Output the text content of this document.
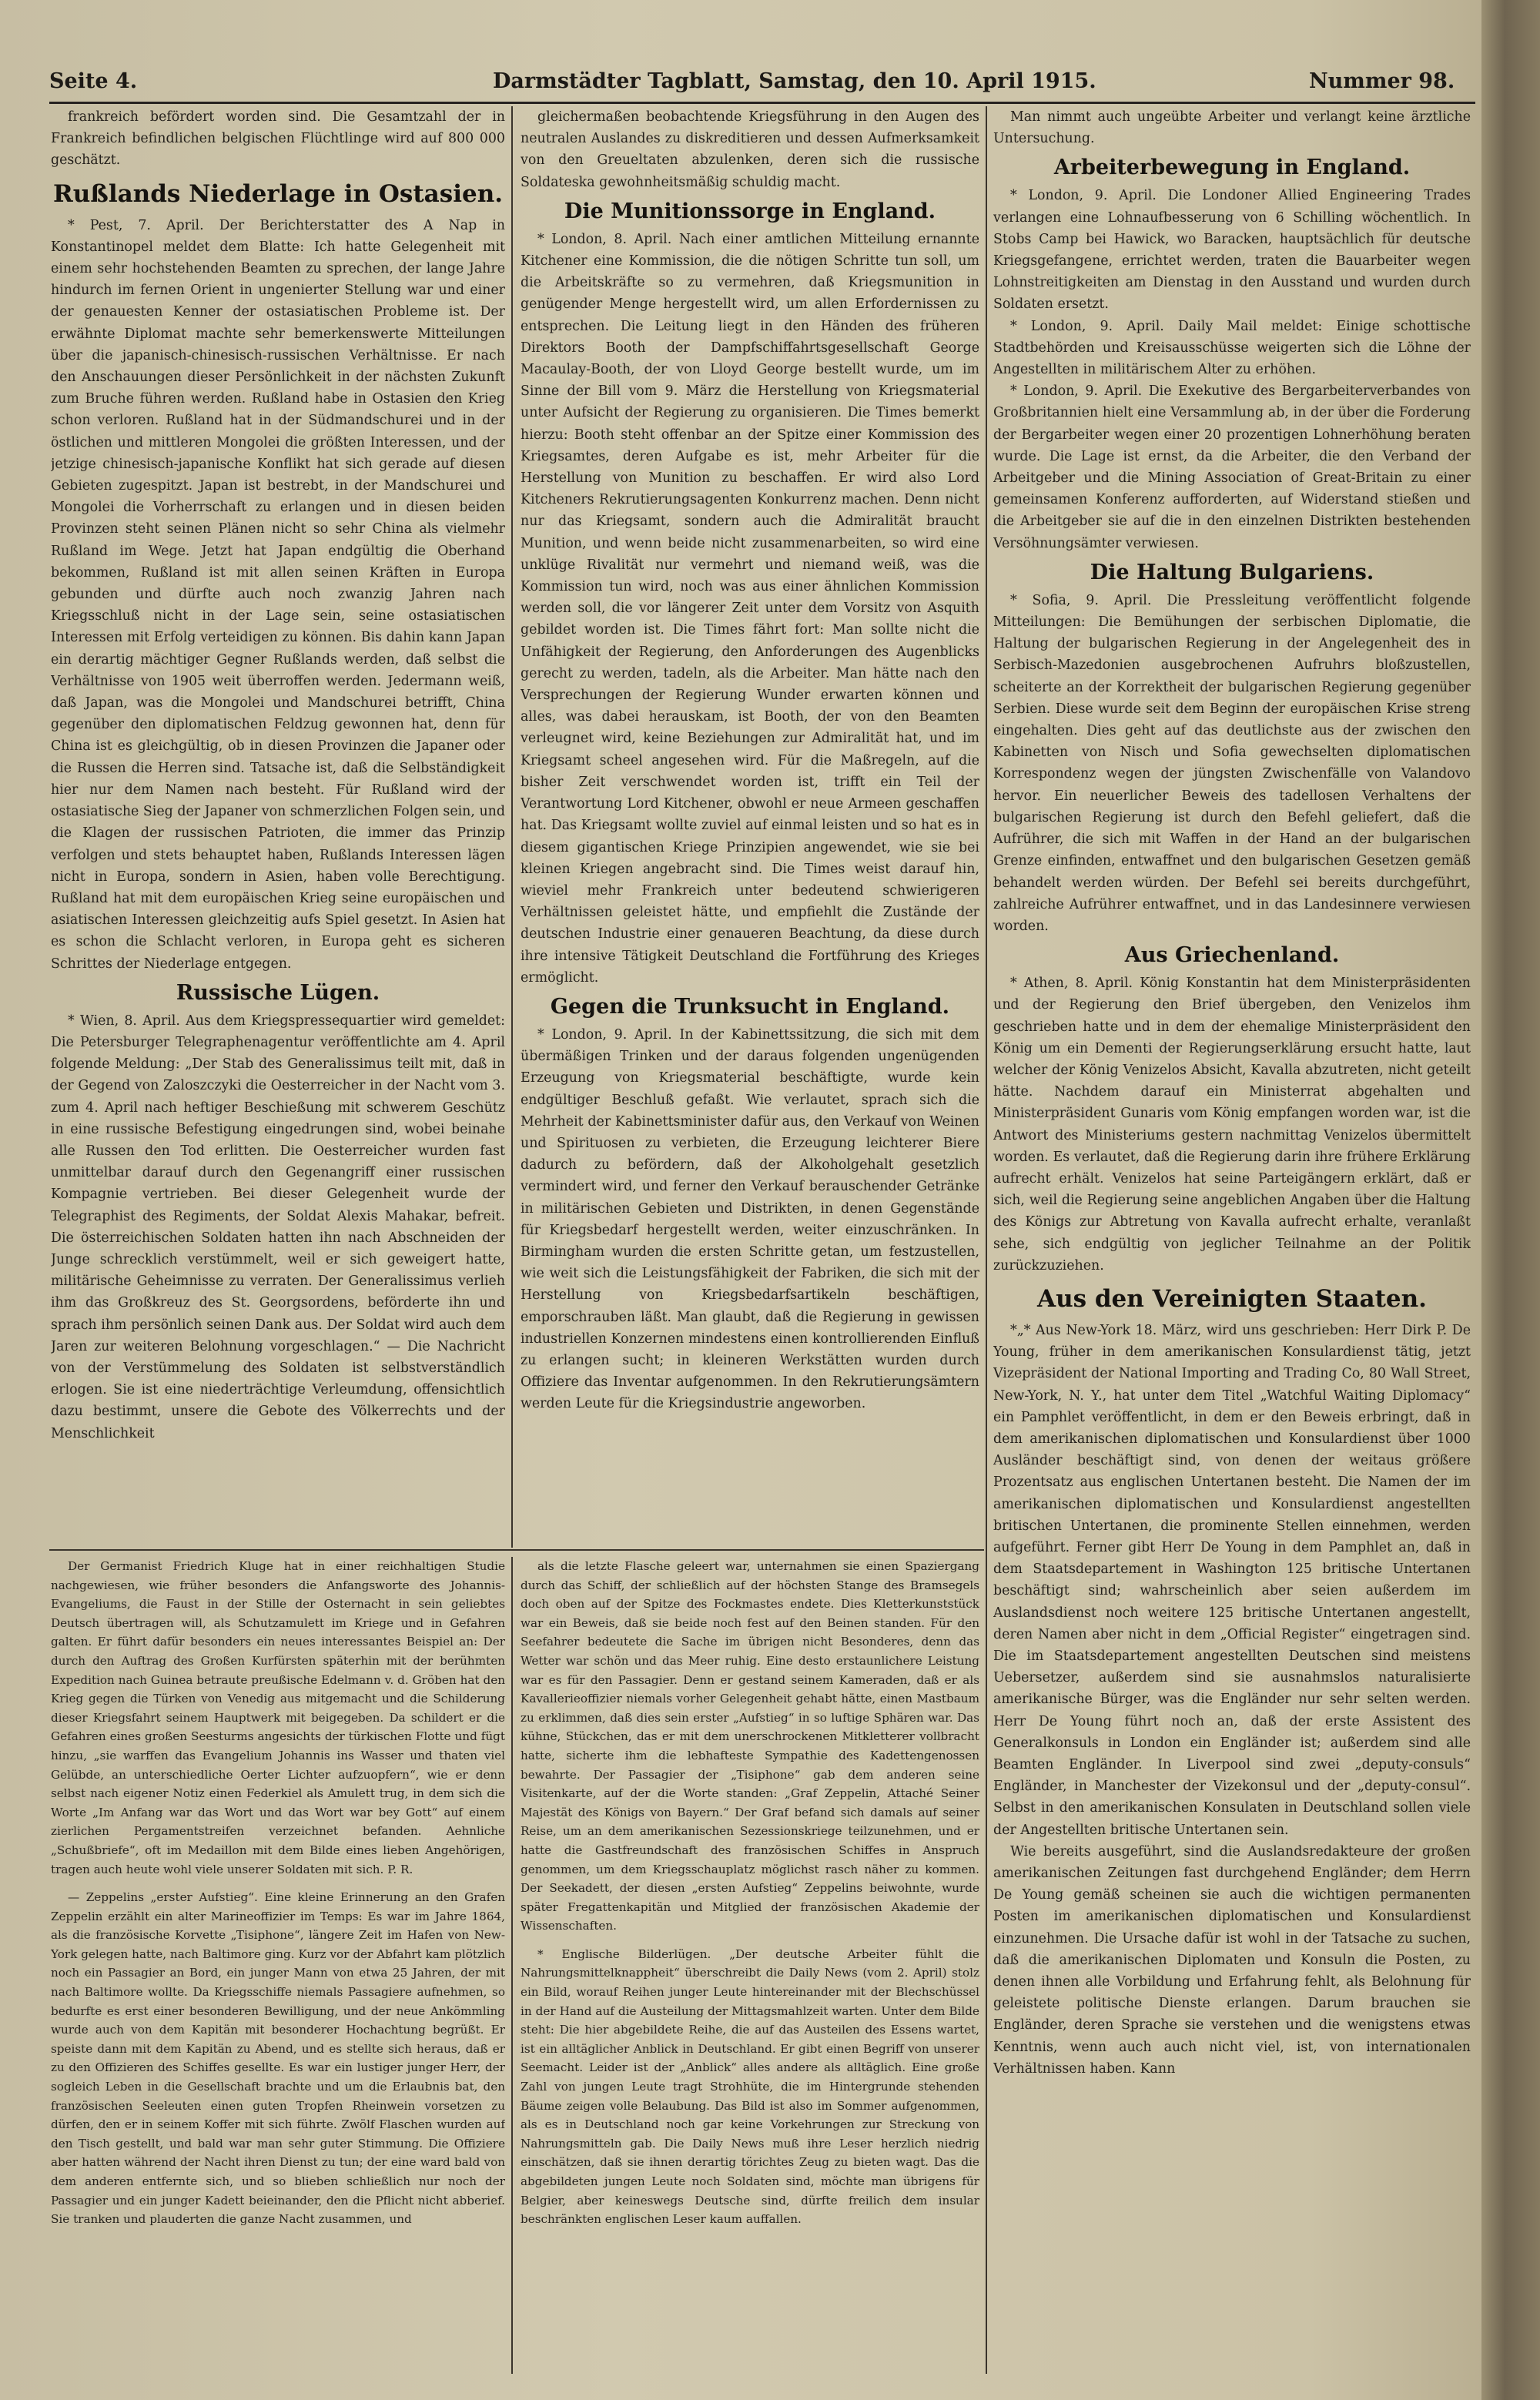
Seite 4.	Darmstädter Tagblatt, Samstag, den 10. April 1915.	Nummer 98.

frankreich befördert worden sind. Die Gesamtzahl der in Frankreich befindlichen belgischen Flüchtlinge wird auf 800 000 geschätzt.

Rußlands Niederlage in Ostasien.

* Pest, 7. April. Der Berichterstatter des A Nap in Konstantinopel meldet dem Blatte: Ich hatte Gelegenheit mit einem sehr hochstehenden Beamten zu sprechen, der lange Jahre hindurch im fernen Orient in ungenierter Stellung war und einer der genauesten Kenner der ostasiatischen Probleme ist. Der erwähnte Diplomat machte sehr bemerkenswerte Mitteilungen über die japanisch-chinesisch-russischen Verhältnisse. Er nach den Anschauungen dieser Persönlichkeit in der nächsten Zukunft zum Bruche führen werden. Rußland habe in Ostasien den Krieg schon verloren. Rußland hat in der Südmandschurei und in der östlichen und mittleren Mongolei die größten Interessen, und der jetzige chinesisch-japanische Konflikt hat sich gerade auf diesen Gebieten zugespitzt. Japan ist bestrebt, in der Mandschurei und Mongolei die Vorherrschaft zu erlangen und in diesen beiden Provinzen steht seinen Plänen nicht so sehr China als vielmehr Rußland im Wege. Jetzt hat Japan endgültig die Oberhand bekommen, Rußland ist mit allen seinen Kräften in Europa gebunden und dürfte auch noch zwanzig Jahren nach Kriegsschluß nicht in der Lage sein, seine ostasiatischen Interessen mit Erfolg verteidigen zu können. Bis dahin kann Japan ein derartig mächtiger Gegner Rußlands werden, daß selbst die Verhältnisse von 1905 weit überroffen werden. Jedermann weiß, daß Japan, was die Mongolei und Mandschurei betrifft, China gegenüber den diplomatischen Feldzug gewonnen hat, denn für China ist es gleichgültig, ob in diesen Provinzen die Japaner oder die Russen die Herren sind. Tatsache ist, daß die Selbständigkeit hier nur dem Namen nach besteht. Für Rußland wird der ostasiatische Sieg der Japaner von schmerzlichen Folgen sein, und die Klagen der russischen Patrioten, die immer das Prinzip verfolgen und stets behauptet haben, Rußlands Interessen lägen nicht in Europa, sondern in Asien, haben volle Berechtigung. Rußland hat mit dem europäischen Krieg seine europäischen und asiatischen Interessen gleichzeitig aufs Spiel gesetzt. In Asien hat es schon die Schlacht verloren, in Europa geht es sicheren Schrittes der Niederlage entgegen.

Russische Lügen.

* Wien, 8. April. Aus dem Kriegspressequartier wird gemeldet: Die Petersburger Telegraphenagentur veröffentlichte am 4. April folgende Meldung: „Der Stab des Generalissimus teilt mit, daß in der Gegend von Zaloszczyki die Oesterreicher in der Nacht vom 3. zum 4. April nach heftiger Beschießung mit schwerem Geschütz in eine russische Befestigung eingedrungen sind, wobei beinahe alle Russen den Tod erlitten. Die Oesterreicher wurden fast unmittelbar darauf durch den Gegenangriff einer russischen Kompagnie vertrieben. Bei dieser Gelegenheit wurde der Telegraphist des Regiments, der Soldat Alexis Mahakar, befreit. Die österreichischen Soldaten hatten ihn nach Abschneiden der Junge schrecklich verstümmelt, weil er sich geweigert hatte, militärische Geheimnisse zu verraten. Der Generalissimus verlieh ihm das Großkreuz des St. Georgsordens, beförderte ihn und sprach ihm persönlich seinen Dank aus. Der Soldat wird auch dem Jaren zur weiteren Belohnung vorgeschlagen.“ — Die Nachricht von der Verstümmelung des Soldaten ist selbstverständlich erlogen. Sie ist eine niederträchtige Verleumdung, offensichtlich dazu bestimmt, unsere die Gebote des Völkerrechts und der Menschlichkeit

gleichermaßen beobachtende Kriegsführung in den Augen des neutralen Auslandes zu diskreditieren und dessen Aufmerksamkeit von den Greueltaten abzulenken, deren sich die russische Soldateska gewohnheitsmäßig schuldig macht.

Die Munitionssorge in England.

* London, 8. April. Nach einer amtlichen Mitteilung ernannte Kitchener eine Kommission, die die nötigen Schritte tun soll, um die Arbeitskräfte so zu vermehren, daß Kriegsmunition in genügender Menge hergestellt wird, um allen Erfordernissen zu entsprechen. Die Leitung liegt in den Händen des früheren Direktors Booth der Dampfschiffahrtsgesellschaft George Macaulay-Booth, der von Lloyd George bestellt wurde, um im Sinne der Bill vom 9. März die Herstellung von Kriegsmaterial unter Aufsicht der Regierung zu organisieren. Die Times bemerkt hierzu: Booth steht offenbar an der Spitze einer Kommission des Kriegsamtes, deren Aufgabe es ist, mehr Arbeiter für die Herstellung von Munition zu beschaffen. Er wird also Lord Kitcheners Rekrutierungsagenten Konkurrenz machen. Denn nicht nur das Kriegsamt, sondern auch die Admiralität braucht Munition, und wenn beide nicht zusammenarbeiten, so wird eine unklüge Rivalität nur vermehrt und niemand weiß, was die Kommission tun wird, noch was aus einer ähnlichen Kommission werden soll, die vor längerer Zeit unter dem Vorsitz von Asquith gebildet worden ist. Die Times fährt fort: Man sollte nicht die Unfähigkeit der Regierung, den Anforderungen des Augenblicks gerecht zu werden, tadeln, als die Arbeiter. Man hätte nach den Versprechungen der Regierung Wunder erwarten können und alles, was dabei herauskam, ist Booth, der von den Beamten verleugnet wird, keine Beziehungen zur Admiralität hat, und im Kriegsamt scheel angesehen wird. Für die Maßregeln, auf die bisher Zeit verschwendet worden ist, trifft ein Teil der Verantwortung Lord Kitchener, obwohl er neue Armeen geschaffen hat. Das Kriegsamt wollte zuviel auf einmal leisten und so hat es in diesem gigantischen Kriege Prinzipien angewendet, wie sie bei kleinen Kriegen angebracht sind. Die Times weist darauf hin, wieviel mehr Frankreich unter bedeutend schwierigeren Verhältnissen geleistet hätte, und empfiehlt die Zustände der deutschen Industrie einer genaueren Beachtung, da diese durch ihre intensive Tätigkeit Deutschland die Fortführung des Krieges ermöglicht.

Gegen die Trunksucht in England.

* London, 9. April. In der Kabinettssitzung, die sich mit dem übermäßigen Trinken und der daraus folgenden ungenügenden Erzeugung von Kriegsmaterial beschäftigte, wurde kein endgültiger Beschluß gefaßt. Wie verlautet, sprach sich die Mehrheit der Kabinettsminister dafür aus, den Verkauf von Weinen und Spirituosen zu verbieten, die Erzeugung leichterer Biere dadurch zu befördern, daß der Alkoholgehalt gesetzlich vermindert wird, und ferner den Verkauf berauschender Getränke in militärischen Gebieten und Distrikten, in denen Gegenstände für Kriegsbedarf hergestellt werden, weiter einzuschränken. In Birmingham wurden die ersten Schritte getan, um festzustellen, wie weit sich die Leistungsfähigkeit der Fabriken, die sich mit der Herstellung von Kriegsbedarfsartikeln beschäftigen, emporschrauben läßt. Man glaubt, daß die Regierung in gewissen industriellen Konzernen mindestens einen kontrollierenden Einfluß zu erlangen sucht; in kleineren Werkstätten wurden durch Offiziere das Inventar aufgenommen. In den Rekrutierungsämtern werden Leute für die Kriegsindustrie angeworben.

Man nimmt auch ungeübte Arbeiter und verlangt keine ärztliche Untersuchung.

Arbeiterbewegung in England.

* London, 9. April. Die Londoner Allied Engineering Trades verlangen eine Lohnaufbesserung von 6 Schilling wöchentlich. In Stobs Camp bei Hawick, wo Baracken, hauptsächlich für deutsche Kriegsgefangene, errichtet werden, traten die Bauarbeiter wegen Lohnstreitigkeiten am Dienstag in den Ausstand und wurden durch Soldaten ersetzt.

* London, 9. April. Daily Mail meldet: Einige schottische Stadtbehörden und Kreisausschüsse weigerten sich die Löhne der Angestellten in militärischem Alter zu erhöhen.

* London, 9. April. Die Exekutive des Bergarbeiterverbandes von Großbritannien hielt eine Versammlung ab, in der über die Forderung der Bergarbeiter wegen einer 20 prozentigen Lohnerhöhung beraten wurde. Die Lage ist ernst, da die Arbeiter, die den Verband der Arbeitgeber und die Mining Association of Great-Britain zu einer gemeinsamen Konferenz aufforderten, auf Widerstand stießen und die Arbeitgeber sie auf die in den einzelnen Distrikten bestehenden Versöhnungsämter verwiesen.

Die Haltung Bulgariens.

* Sofia, 9. April. Die Pressleitung veröffentlicht folgende Mitteilungen: Die Bemühungen der serbischen Diplomatie, die Haltung der bulgarischen Regierung in der Angelegenheit des in Serbisch-Mazedonien ausgebrochenen Aufruhrs bloßzustellen, scheiterte an der Korrektheit der bulgarischen Regierung gegenüber Serbien. Diese wurde seit dem Beginn der europäischen Krise streng eingehalten. Dies geht auf das deutlichste aus der zwischen den Kabinetten von Nisch und Sofia gewechselten diplomatischen Korrespondenz wegen der jüngsten Zwischenfälle von Valandovo hervor. Ein neuerlicher Beweis des tadellosen Verhaltens der bulgarischen Regierung ist durch den Befehl geliefert, daß die Aufrührer, die sich mit Waffen in der Hand an der bulgarischen Grenze einfinden, entwaffnet und den bulgarischen Gesetzen gemäß behandelt werden würden. Der Befehl sei bereits durchgeführt, zahlreiche Aufrührer entwaffnet, und in das Landesinnere verwiesen worden.

Aus Griechenland.

* Athen, 8. April. König Konstantin hat dem Ministerpräsidenten und der Regierung den Brief übergeben, den Venizelos ihm geschrieben hatte und in dem der ehemalige Ministerpräsident den König um ein Dementi der Regierungserklärung ersucht hatte, laut welcher der König Venizelos Absicht, Kavalla abzutreten, nicht geteilt hätte. Nachdem darauf ein Ministerrat abgehalten und Ministerpräsident Gunaris vom König empfangen worden war, ist die Antwort des Ministeriums gestern nachmittag Venizelos übermittelt worden. Es verlautet, daß die Regierung darin ihre frühere Erklärung aufrecht erhält. Venizelos hat seine Parteigängern erklärt, daß er sich, weil die Regierung seine angeblichen Angaben über die Haltung des Königs zur Abtretung von Kavalla aufrecht erhalte, veranlaßt sehe, sich endgültig von jeglicher Teilnahme an der Politik zurückzuziehen.

Aus den Vereinigten Staaten.

*„* Aus New-York 18. März, wird uns geschrieben: Herr Dirk P. De Young, früher in dem amerikanischen Konsulardienst tätig, jetzt Vizepräsident der National Importing and Trading Co, 80 Wall Street, New-York, N. Y., hat unter dem Titel „Watchful Waiting Diplomacy“ ein Pamphlet veröffentlicht, in dem er den Beweis erbringt, daß in dem amerikanischen diplomatischen und Konsulardienst über 1000 Ausländer beschäftigt sind, von denen der weitaus größere Prozentsatz aus englischen Untertanen besteht. Die Namen der im amerikanischen diplomatischen und Konsulardienst angestellten britischen Untertanen, die prominente Stellen einnehmen, werden aufgeführt. Ferner gibt Herr De Young in dem Pamphlet an, daß in dem Staatsdepartement in Washington 125 britische Untertanen beschäftigt sind; wahrscheinlich aber seien außerdem im Auslandsdienst noch weitere 125 britische Untertanen angestellt, deren Namen aber nicht in dem „Official Register“ eingetragen sind. Die im Staatsdepartement angestellten Deutschen sind meistens Uebersetzer, außerdem sind sie ausnahmslos naturalisierte amerikanische Bürger, was die Engländer nur sehr selten werden. Herr De Young führt noch an, daß der erste Assistent des Generalkonsuls in London ein Engländer ist; außerdem sind alle Beamten Engländer. In Liverpool sind zwei „deputy-consuls“ Engländer, in Manchester der Vizekonsul und der „deputy-consul“. Selbst in den amerikanischen Konsulaten in Deutschland sollen viele der Angestellten britische Untertanen sein.

Wie bereits ausgeführt, sind die Auslandsredakteure der großen amerikanischen Zeitungen fast durchgehend Engländer; dem Herrn De Young gemäß scheinen sie auch die wichtigen permanenten Posten im amerikanischen diplomatischen und Konsulardienst einzunehmen. Die Ursache dafür ist wohl in der Tatsache zu suchen, daß die amerikanischen Diplomaten und Konsuln die Posten, zu denen ihnen alle Vorbildung und Erfahrung fehlt, als Belohnung für geleistete politische Dienste erlangen. Darum brauchen sie Engländer, deren Sprache sie verstehen und die wenigstens etwas Kenntnis, wenn auch auch nicht viel, ist, von internationalen Verhältnissen haben. Kann

Der Germanist Friedrich Kluge hat in einer reichhaltigen Studie nachgewiesen, wie früher besonders die Anfangsworte des Johannis-Evangeliums, die Faust in der Stille der Osternacht in sein geliebtes Deutsch übertragen will, als Schutzamulett im Kriege und in Gefahren galten. Er führt dafür besonders ein neues interessantes Beispiel an: Der durch den Auftrag des Großen Kurfürsten späterhin mit der berühmten Expedition nach Guinea betraute preußische Edelmann v. d. Gröben hat den Krieg gegen die Türken von Venedig aus mitgemacht und die Schilderung dieser Kriegsfahrt seinem Hauptwerk mit beigegeben. Da schildert er die Gefahren eines großen Seesturms angesichts der türkischen Flotte und fügt hinzu, „sie warffen das Evangelium Johannis ins Wasser und thaten viel Gelübde, an unterschiedliche Oerter Lichter aufzuopfern“, wie er denn selbst nach eigener Notiz einen Federkiel als Amulett trug, in dem sich die Worte „Im Anfang war das Wort und das Wort war bey Gott“ auf einem zierlichen Pergamentstreifen verzeichnet befanden. Aehnliche „Schußbriefe“, oft im Medaillon mit dem Bilde eines lieben Angehörigen, tragen auch heute wohl viele unserer Soldaten mit sich. P. R.

— Zeppelins „erster Aufstieg“. Eine kleine Erinnerung an den Grafen Zeppelin erzählt ein alter Marineoffizier im Temps: Es war im Jahre 1864, als die französische Korvette „Tisiphone“, längere Zeit im Hafen von New-York gelegen hatte, nach Baltimore ging. Kurz vor der Abfahrt kam plötzlich noch ein Passagier an Bord, ein junger Mann von etwa 25 Jahren, der mit nach Baltimore wollte. Da Kriegsschiffe niemals Passagiere aufnehmen, so bedurfte es erst einer besonderen Bewilligung, und der neue Ankömmling wurde auch von dem Kapitän mit besonderer Hochachtung begrüßt. Er speiste dann mit dem Kapitän zu Abend, und es stellte sich heraus, daß er zu den Offizieren des Schiffes gesellte. Es war ein lustiger junger Herr, der sogleich Leben in die Gesellschaft brachte und um die Erlaubnis bat, den französischen Seeleuten einen guten Tropfen Rheinwein vorsetzen zu dürfen, den er in seinem Koffer mit sich führte. Zwölf Flaschen wurden auf den Tisch gestellt, und bald war man sehr guter Stimmung. Die Offiziere aber hatten während der Nacht ihren Dienst zu tun; der eine ward bald von dem anderen entfernte sich, und so blieben schließlich nur noch der Passagier und ein junger Kadett beieinander, den die Pflicht nicht abberief. Sie tranken und plauderten die ganze Nacht zusammen, und

als die letzte Flasche geleert war, unternahmen sie einen Spaziergang durch das Schiff, der schließlich auf der höchsten Stange des Bramsegels doch oben auf der Spitze des Fockmastes endete. Dies Kletterkunststück war ein Beweis, daß sie beide noch fest auf den Beinen standen. Für den Seefahrer bedeutete die Sache im übrigen nicht Besonderes, denn das Wetter war schön und das Meer ruhig. Eine desto erstaunlichere Leistung war es für den Passagier. Denn er gestand seinem Kameraden, daß er als Kavallerieoffizier niemals vorher Gelegenheit gehabt hätte, einen Mastbaum zu erklimmen, daß dies sein erster „Aufstieg“ in so luftige Sphären war. Das kühne, Stückchen, das er mit dem unerschrockenen Mitkletterer vollbracht hatte, sicherte ihm die lebhafteste Sympathie des Kadettengenossen bewahrte. Der Passagier der „Tisiphone“ gab dem anderen seine Visitenkarte, auf der die Worte standen: „Graf Zeppelin, Attaché Seiner Majestät des Königs von Bayern.“ Der Graf befand sich damals auf seiner Reise, um an dem amerikanischen Sezessionskriege teilzunehmen, und er hatte die Gastfreundschaft des französischen Schiffes in Anspruch genommen, um dem Kriegsschauplatz möglichst rasch näher zu kommen. Der Seekadett, der diesen „ersten Aufstieg“ Zeppelins beiwohnte, wurde später Fregattenkapitän und Mitglied der französischen Akademie der Wissenschaften.

* Englische Bilderlügen. „Der deutsche Arbeiter fühlt die Nahrungsmittelknappheit“ überschreibt die Daily News (vom 2. April) stolz ein Bild, worauf Reihen junger Leute hintereinander mit der Blechschüssel in der Hand auf die Austeilung der Mittagsmahlzeit warten. Unter dem Bilde steht: Die hier abgebildete Reihe, die auf das Austeilen des Essens wartet, ist ein alltäglicher Anblick in Deutschland. Er gibt einen Begriff von unserer Seemacht. Leider ist der „Anblick“ alles andere als alltäglich. Eine große Zahl von jungen Leute tragt Strohhüte, die im Hintergrunde stehenden Bäume zeigen volle Belaubung. Das Bild ist also im Sommer aufgenommen, als es in Deutschland noch gar keine Vorkehrungen zur Streckung von Nahrungsmitteln gab. Die Daily News muß ihre Leser herzlich niedrig einschätzen, daß sie ihnen derartig törichtes Zeug zu bieten wagt. Das die abgebildeten jungen Leute noch Soldaten sind, möchte man übrigens für Belgier, aber keineswegs Deutsche sind, dürfte freilich dem insular beschränkten englischen Leser kaum auffallen.
